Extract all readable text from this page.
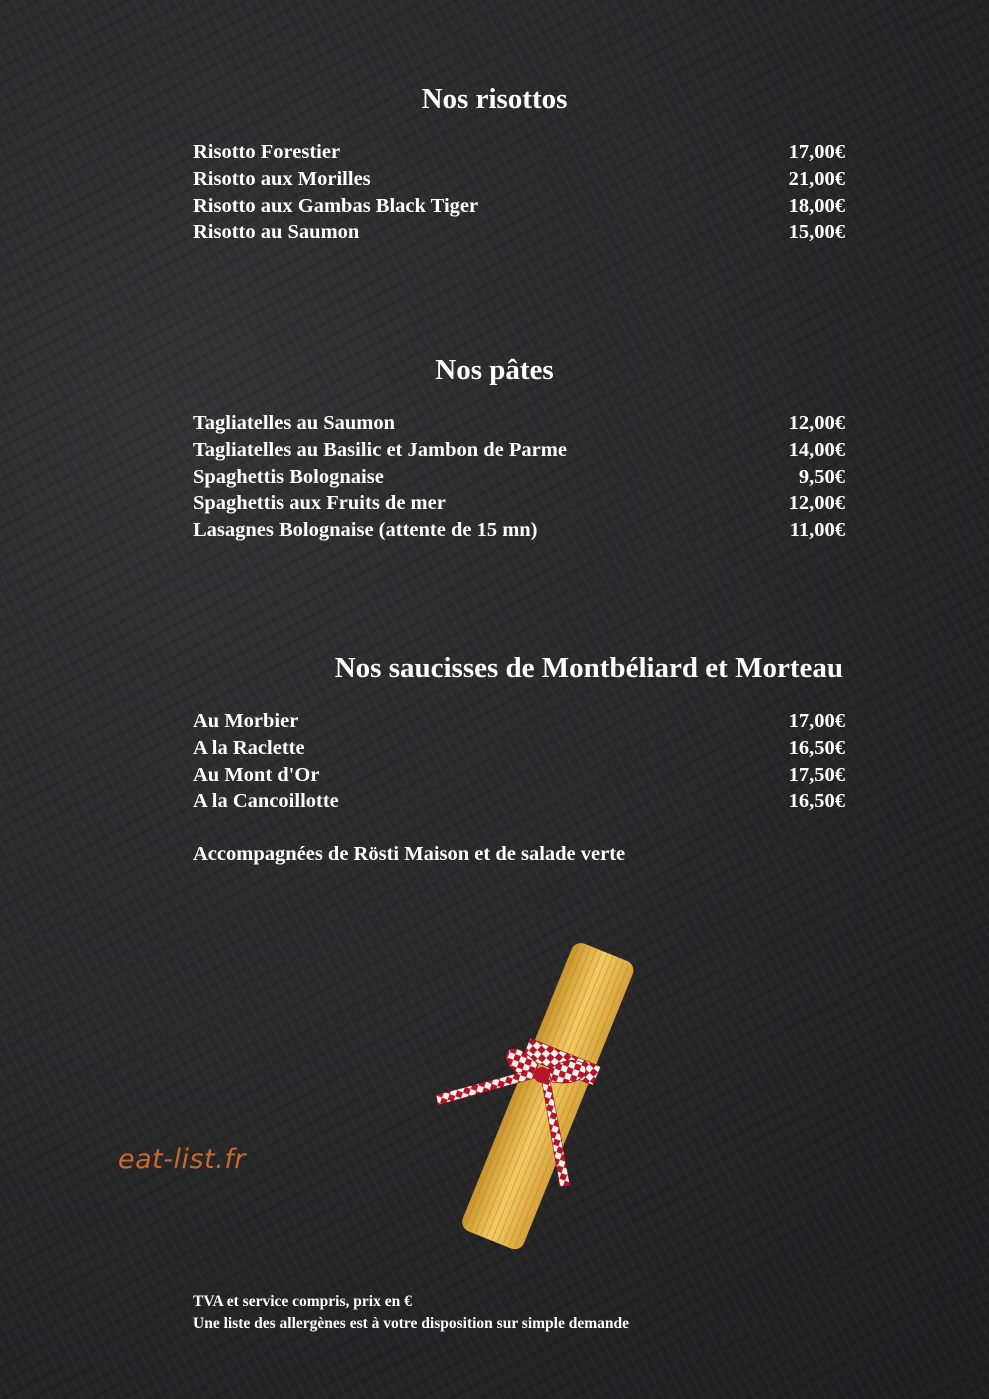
Nos risottos
Risotto Forestier	17,00€
Risotto aux Morilles	21,00€
Risotto aux Gambas Black Tiger	18,00€
Risotto au Saumon	15,00€
Nos pâtes
Tagliatelles au Saumon	12,00€
Tagliatelles au Basilic et Jambon de Parme	14,00€
Spaghettis Bolognaise	9,50€
Spaghettis aux Fruits de mer	12,00€
Lasagnes Bolognaise (attente de 15 mn)	11,00€
Nos saucisses de Montbéliard et Morteau
Au Morbier	17,00€
A la Raclette	16,50€
Au Mont d'Or	17,50€
A la Cancoillotte	16,50€
Accompagnées de Rösti Maison et de salade verte
eat-list.fr
TVA et service compris, prix en €
Une liste des allergènes est à votre disposition sur simple demande
